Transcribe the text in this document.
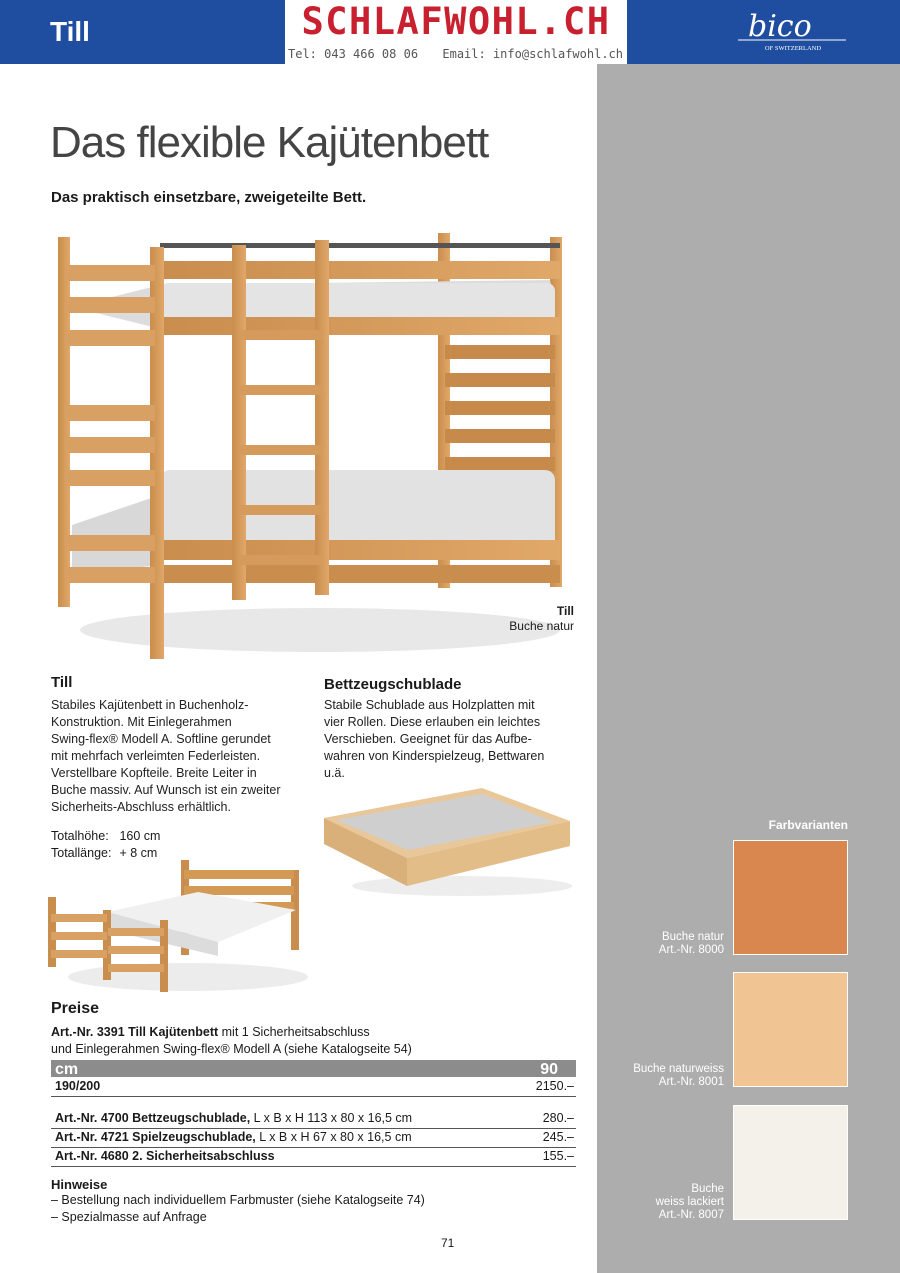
Till	SCHLAFWOHL.CH
Tel: 043 466 08 06 Email: info@schlafwohl.ch
bico
OF SWITZERLAND
Das flexible Kajütenbett
Das praktisch einsetzbare, zweigeteilte Bett.
Till
Buche natur
Till
Stabiles Kajütenbett in Buchenholz-
Konstruktion. Mit Einlegerahmen
Swing-flex® Modell A. Softline gerundet
mit mehrfach verleimten Federleisten.
Verstellbare Kopfteile. Breite Leiter in
Buche massiv. Auf Wunsch ist ein zweiter
Sicherheits-Abschluss erhältlich.
Totalhöhe:	160 cm
Totallänge:	+ 8 cm
Bettzeugschublade
Stabile Schublade aus Holzplatten mit
vier Rollen. Diese erlauben ein leichtes
Verschieben. Geeignet für das Aufbe-
wahren von Kinderspielzeug, Bettwaren
u.ä.
Farbvarianten
Buche natur
Art.-Nr. 8000
Buche naturweiss
Art.-Nr. 8001
Buche
weiss lackiert
Art.-Nr. 8007
Preise
Art.-Nr. 3391 Till Kajütenbett mit 1 Sicherheitsabschluss
und Einlegerahmen Swing-flex® Modell A (siehe Katalogseite 54)
cm	90
190/200	2150.–
Art.-Nr. 4700 Bettzeugschublade, L x B x H 113 x 80 x 16,5 cm	280.–
Art.-Nr. 4721 Spielzeugschublade, L x B x H 67 x 80 x 16,5 cm	245.–
Art.-Nr. 4680 2. Sicherheitsabschluss	155.–
Hinweise
– Bestellung nach individuellem Farbmuster (siehe Katalogseite 74)
– Spezialmasse auf Anfrage
71
